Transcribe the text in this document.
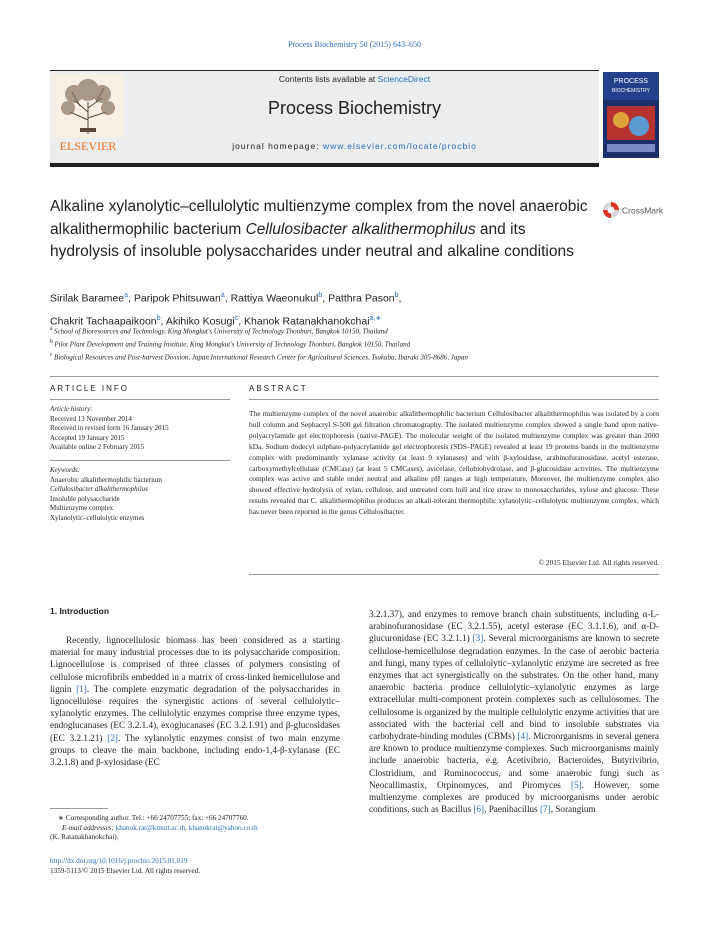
Process Biochemistry 50 (2015) 643–650
ELSEVIER
Contents lists available at ScienceDirect
Process Biochemistry
journal homepage: www.elsevier.com/locate/procbio
PROCESS
BIOCHEMISTRY
Alkaline xylanolytic–cellulolytic multienzyme complex from the novel anaerobic alkalithermophilic bacterium Cellulosibacter alkalithermophilus and its hydrolysis of insoluble polysaccharides under neutral and alkaline conditions
CrossMark
Sirilak Baramee$^a$, Paripok Phitsuwan$^a$, Rattiya Waeonukul$^b$, Patthra Pason$^b$,
Chakrit Tachaapaikoon$^b$, Akihiko Kosugi$^c$, Khanok Ratanakhanokchai$^{a,∗}$
$^a$ School of Bioresources and Technology, King Mongkut's University of Technology Thonburi, Bangkok 10150, Thailand
$^b$ Pilot Plant Development and Training Institute, King Mongkut's University of Technology Thonburi, Bangkok 10150, Thailand
$^c$ Biological Resources and Post-harvest Division, Japan International Research Center for Agricultural Sciences, Tsukuba, Ibaraki 305-8686, Japan
ARTICLE INFO	ABSTRACT
Article history:
Received 13 November 2014
Received in revised form 16 January 2015
Accepted 19 January 2015
Available online 2 February 2015
Keywords:
Anaerobic alkalithermophilic bacterium
Cellulosibacter alkalithermophilus
Insoluble polysaccharide
Multienzyme complex
Xylanolytic–cellulolytic enzymes
The multienzyme complex of the novel anaerobic alkalithermophilic bacterium Cellulosibacter alkalithermophilus was isolated by a corn hull column and Sephacryl S-500 gel filtration chromatography. The isolated multienzyme complex showed a single band upon native-polyacrylamide gel electrophoresis (native-PAGE). The molecular weight of the isolated multienzyme complex was greater than 2000 kDa. Sodium dodecyl sulphate-polyacrylamide gel electrophoresis (SDS–PAGE) revealed at least 19 proteins bands in the multienzyme complex with predominantly xylanase activity (at least 9 xylanases) and with β-xylosidase, arabinofuranosidase, acetyl esterase, carboxymethylcellulase (CMCase) (at least 5 CMCases), avicelase, cellobiohydrolase, and β-glucosidase activities. The multienzyme complex was active and stable under neutral and alkaline pH ranges at high temperature. Moreover, the multienzyme complex also showed effective hydrolysis of xylan, cellulose, and untreated corn hull and rice straw to monosaccharides, xylose and glucose. These results revealed that C. alkalithermophilus produces an alkali-tolerant thermophilic xylanolytic–cellulolytic multienzyme complex, which has never been reported in the genus Cellulosibacter.
© 2015 Elsevier Ltd. All rights reserved.
1. Introduction
Recently, lignocellulosic biomass has been considered as a starting material for many industrial processes due to its polysaccharide composition. Lignocellulose is comprised of three classes of polymers consisting of cellulose microfibrils embedded in a matrix of cross-linked hemicellulose and lignin [1]. The complete enzymatic degradation of the polysaccharides in lignocellulose requires the synergistic actions of several cellulolytic–xylanolytic enzymes. The cellulolytic enzymes comprise three enzyme types, endoglucanases (EC 3.2.1.4), exoglucanases (EC 3.2.1.91) and β-glucosidases (EC 3.2.1.21) [2]. The xylanolytic enzymes consist of two main enzyme groups to cleave the main backbone, including endo-1,4-β-xylanase (EC 3.2.1.8) and β-xylosidase (EC
3.2.1.37), and enzymes to remove branch chain substituents, including α-L-arabinofuranosidase (EC 3.2.1.55), acetyl esterase (EC 3.1.1.6), and α-D-glucuronidase (EC 3.2.1.1) [3]. Several microorganisms are known to secrete cellulose-hemicellulose degradation enzymes. In the case of aerobic bacteria and fungi, many types of cellulolytic–xylanolytic enzyme are secreted as free enzymes that act synergistically on the substrates. On the other hand, many anaerobic bacteria produce cellulolytic–xylanolytic enzymes as large extracellular multi-component protein complexes such as cellulosomes. The cellulosome is organized by the multiple cellulolytic enzyme activities that are associated with the bacterial cell and bind to insoluble substrates via carbohydrate-binding modules (CBMs) [4]. Microorganisms in several genera are known to produce multienzyme complexes. Such microorganisms mainly include anaerobic bacteria, e.g. Acetivibrio, Bacteroides, Butyrivibrio, Clostridium, and Ruminococcus, and some anaerobic fungi such as Neocallimastix, Orpinomyces, and Piromyces [5]. However, some multienzyme complexes are produced by microorganisms under aerobic conditions, such as Bacillus [6], Paenibacillus [7], Sorangium
∗ Corresponding author. Tel.: +66 24707755; fax: +66 24707760.
E-mail addresses: khanok.rat@kmutt.ac.th, khanokrat@yahoo.co.th
(K. Ratanakhanokchai).
http://dx.doi.org/10.1016/j.procbio.2015.01.019
1359-5113/© 2015 Elsevier Ltd. All rights reserved.
